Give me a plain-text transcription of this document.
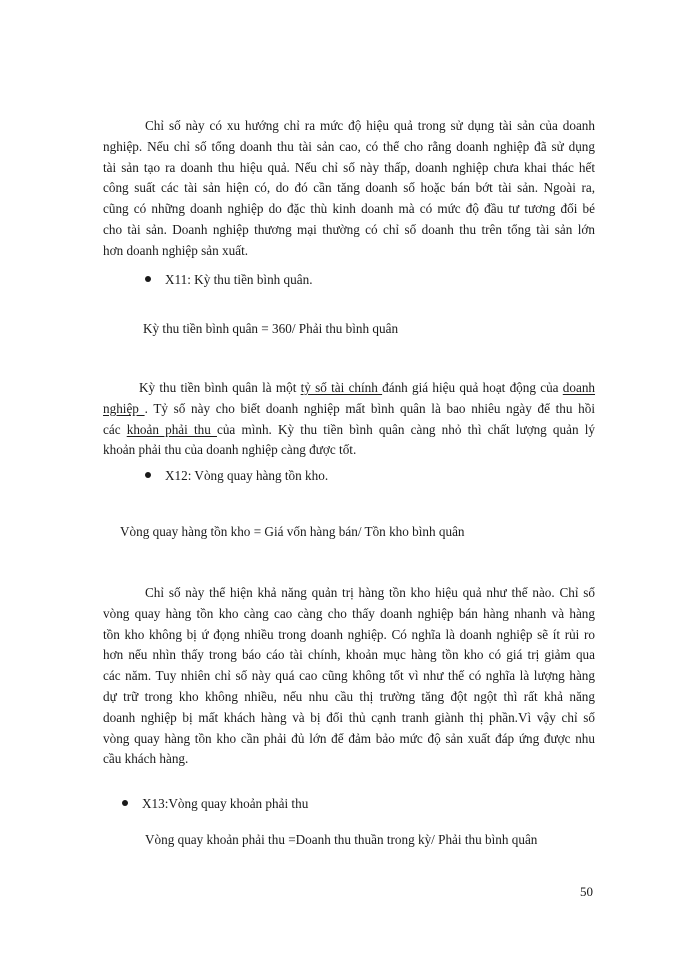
Chỉ số này có xu hướng chỉ ra mức độ hiệu quả trong sử dụng tài sản của doanh
nghiệp. Nếu chỉ số tổng doanh thu tài sản cao, có thể cho rằng doanh nghiệp đã sử dụng
tài sản tạo ra doanh thu hiệu quả. Nếu chỉ số này thấp, doanh nghiệp chưa khai thác hết
công suất các tài sản hiện có, do đó cần tăng doanh số hoặc bán bớt tài sản. Ngoài ra,
cũng có những doanh nghiệp do đặc thù kinh doanh mà có mức độ đầu tư tương đối bé
cho tài sản. Doanh nghiệp thương mại thường có chỉ số doanh thu trên tổng tài sản lớn
hơn doanh nghiệp sản xuất.
X11: Kỳ thu tiền bình quân.
Kỳ thu tiền bình quân = 360/ Phải thu bình quân
Kỳ thu tiền bình quân là một tỷ số tài chính đánh giá hiệu quả hoạt động của doanh
nghiệp . Tỷ số này cho biết doanh nghiệp mất bình quân là bao nhiêu ngày để thu hồi
các khoản phải thu của mình. Kỳ thu tiền bình quân càng nhỏ thì chất lượng quản lý
khoản phải thu của doanh nghiệp càng được tốt.
X12: Vòng quay hàng tồn kho.
Vòng quay hàng tồn kho = Giá vốn hàng bán/ Tồn kho bình quân
Chỉ số này thể hiện khả năng quản trị hàng tồn kho hiệu quả như thế nào. Chỉ số
vòng quay hàng tồn kho càng cao càng cho thấy doanh nghiệp bán hàng nhanh và hàng
tồn kho không bị ứ đọng nhiều trong doanh nghiệp. Có nghĩa là doanh nghiệp sẽ ít rủi ro
hơn nếu nhìn thấy trong báo cáo tài chính, khoản mục hàng tồn kho có giá trị giảm qua
các năm. Tuy nhiên chỉ số này quá cao cũng không tốt vì như thế có nghĩa là lượng hàng
dự trữ trong kho không nhiều, nếu nhu cầu thị trường tăng đột ngột thì rất khả năng
doanh nghiệp bị mất khách hàng và bị đối thủ cạnh tranh giành thị phần.Vì vậy chỉ số
vòng quay hàng tồn kho cần phải đủ lớn để đảm bảo mức độ sản xuất đáp ứng được nhu
cầu khách hàng.
X13:Vòng quay khoản phải thu
Vòng quay khoản phải thu =Doanh thu thuần trong kỳ/ Phải thu bình quân
50
